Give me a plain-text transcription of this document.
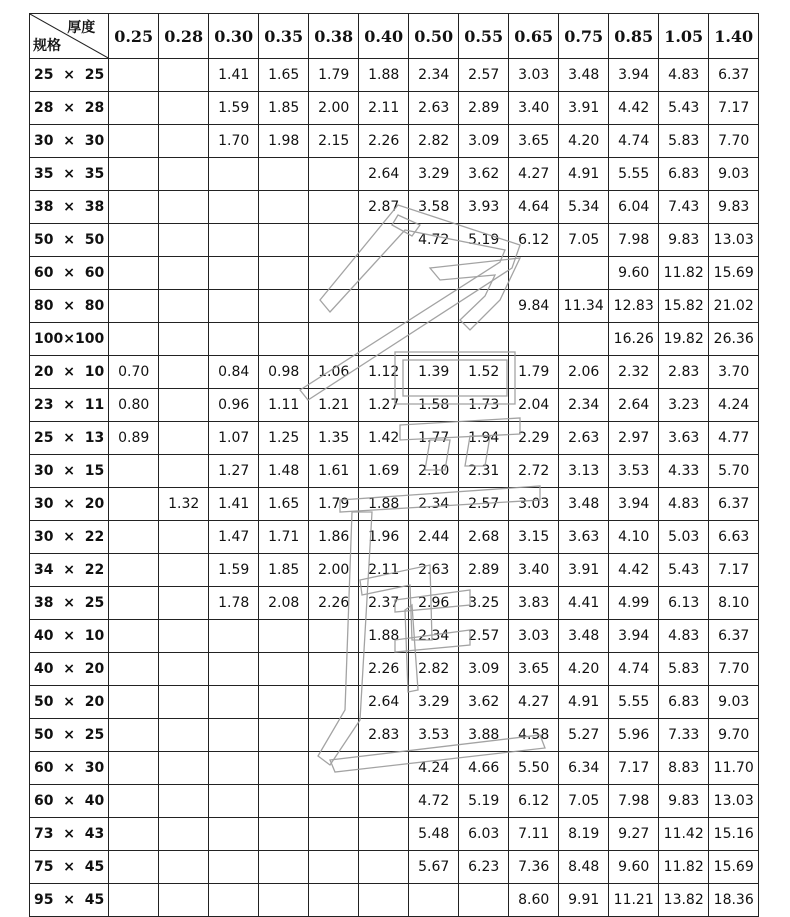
厚度
规格	0.25	0.28	0.30	0.35	0.38	0.40	0.50	0.55	0.65	0.75	0.85	1.05	1.40

25 × 25			1.41	1.65	1.79	1.88	2.34	2.57	3.03	3.48	3.94	4.83	6.37

28 × 28			1.59	1.85	2.00	2.11	2.63	2.89	3.40	3.91	4.42	5.43	7.17

30 × 30			1.70	1.98	2.15	2.26	2.82	3.09	3.65	4.20	4.74	5.83	7.70

35 × 35						2.64	3.29	3.62	4.27	4.91	5.55	6.83	9.03

38 × 38						2.87	3.58	3.93	4.64	5.34	6.04	7.43	9.83

50 × 50							4.72	5.19	6.12	7.05	7.98	9.83	13.03

60 × 60											9.60	11.82	15.69

80 × 80									9.84	11.34	12.83	15.82	21.02

100 × 100											16.26	19.82	26.36

20 × 10	0.70		0.84	0.98	1.06	1.12	1.39	1.52	1.79	2.06	2.32	2.83	3.70

23 × 11	0.80		0.96	1.11	1.21	1.27	1.58	1.73	2.04	2.34	2.64	3.23	4.24

25 × 13	0.89		1.07	1.25	1.35	1.42	1.77	1.94	2.29	2.63	2.97	3.63	4.77

30 × 15			1.27	1.48	1.61	1.69	2.10	2.31	2.72	3.13	3.53	4.33	5.70

30 × 20		1.32	1.41	1.65	1.79	1.88	2.34	2.57	3.03	3.48	3.94	4.83	6.37

30 × 22			1.47	1.71	1.86	1.96	2.44	2.68	3.15	3.63	4.10	5.03	6.63

34 × 22			1.59	1.85	2.00	2.11	2.63	2.89	3.40	3.91	4.42	5.43	7.17

38 × 25			1.78	2.08	2.26	2.37	2.96	3.25	3.83	4.41	4.99	6.13	8.10

40 × 10						1.88	2.34	2.57	3.03	3.48	3.94	4.83	6.37

40 × 20						2.26	2.82	3.09	3.65	4.20	4.74	5.83	7.70

50 × 20						2.64	3.29	3.62	4.27	4.91	5.55	6.83	9.03

50 × 25						2.83	3.53	3.88	4.58	5.27	5.96	7.33	9.70

60 × 30							4.24	4.66	5.50	6.34	7.17	8.83	11.70

60 × 40							4.72	5.19	6.12	7.05	7.98	9.83	13.03

73 × 43							5.48	6.03	7.11	8.19	9.27	11.42	15.16

75 × 45							5.67	6.23	7.36	8.48	9.60	11.82	15.69

95 × 45									8.60	9.91	11.21	13.82	18.36
